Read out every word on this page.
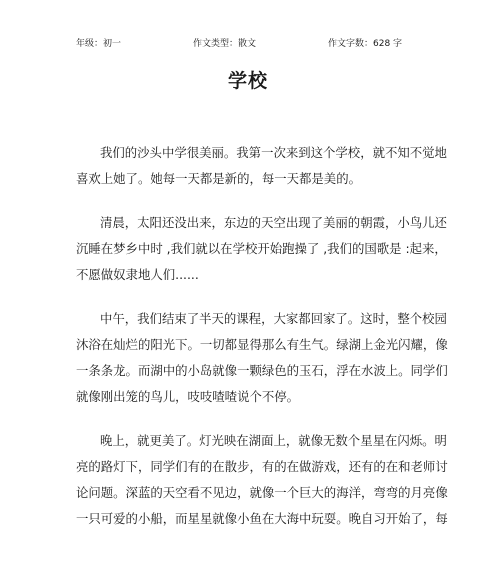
年级：初一	作文类型：散文	作文字数：628 字
学校

我们的沙头中学很美丽。我第一次来到这个学校，就不知不觉地
喜欢上她了。她每一天都是新的，每一天都是美的。

清晨，太阳还没出来，东边的天空出现了美丽的朝霞，小鸟儿还
沉睡在梦乡中时 ,我们就以在学校开始跑操了 ,我们的国歌是 :起来，
不愿做奴隶地人们......

中午，我们结束了半天的课程，大家都回家了。这时，整个校园
沐浴在灿烂的阳光下。一切都显得那么有生气。绿湖上金光闪耀，像
一条条龙。而湖中的小岛就像一颗绿色的玉石，浮在水波上。同学们
就像刚出笼的鸟儿，吱吱喳喳说个不停。

晚上，就更美了。灯光映在湖面上，就像无数个星星在闪烁。明
亮的路灯下，同学们有的在散步，有的在做游戏，还有的在和老师讨
论问题。深蓝的天空看不见边，就像一个巨大的海洋，弯弯的月亮像
一只可爱的小船，而星星就像小鱼在大海中玩耍。晚自习开始了，每
